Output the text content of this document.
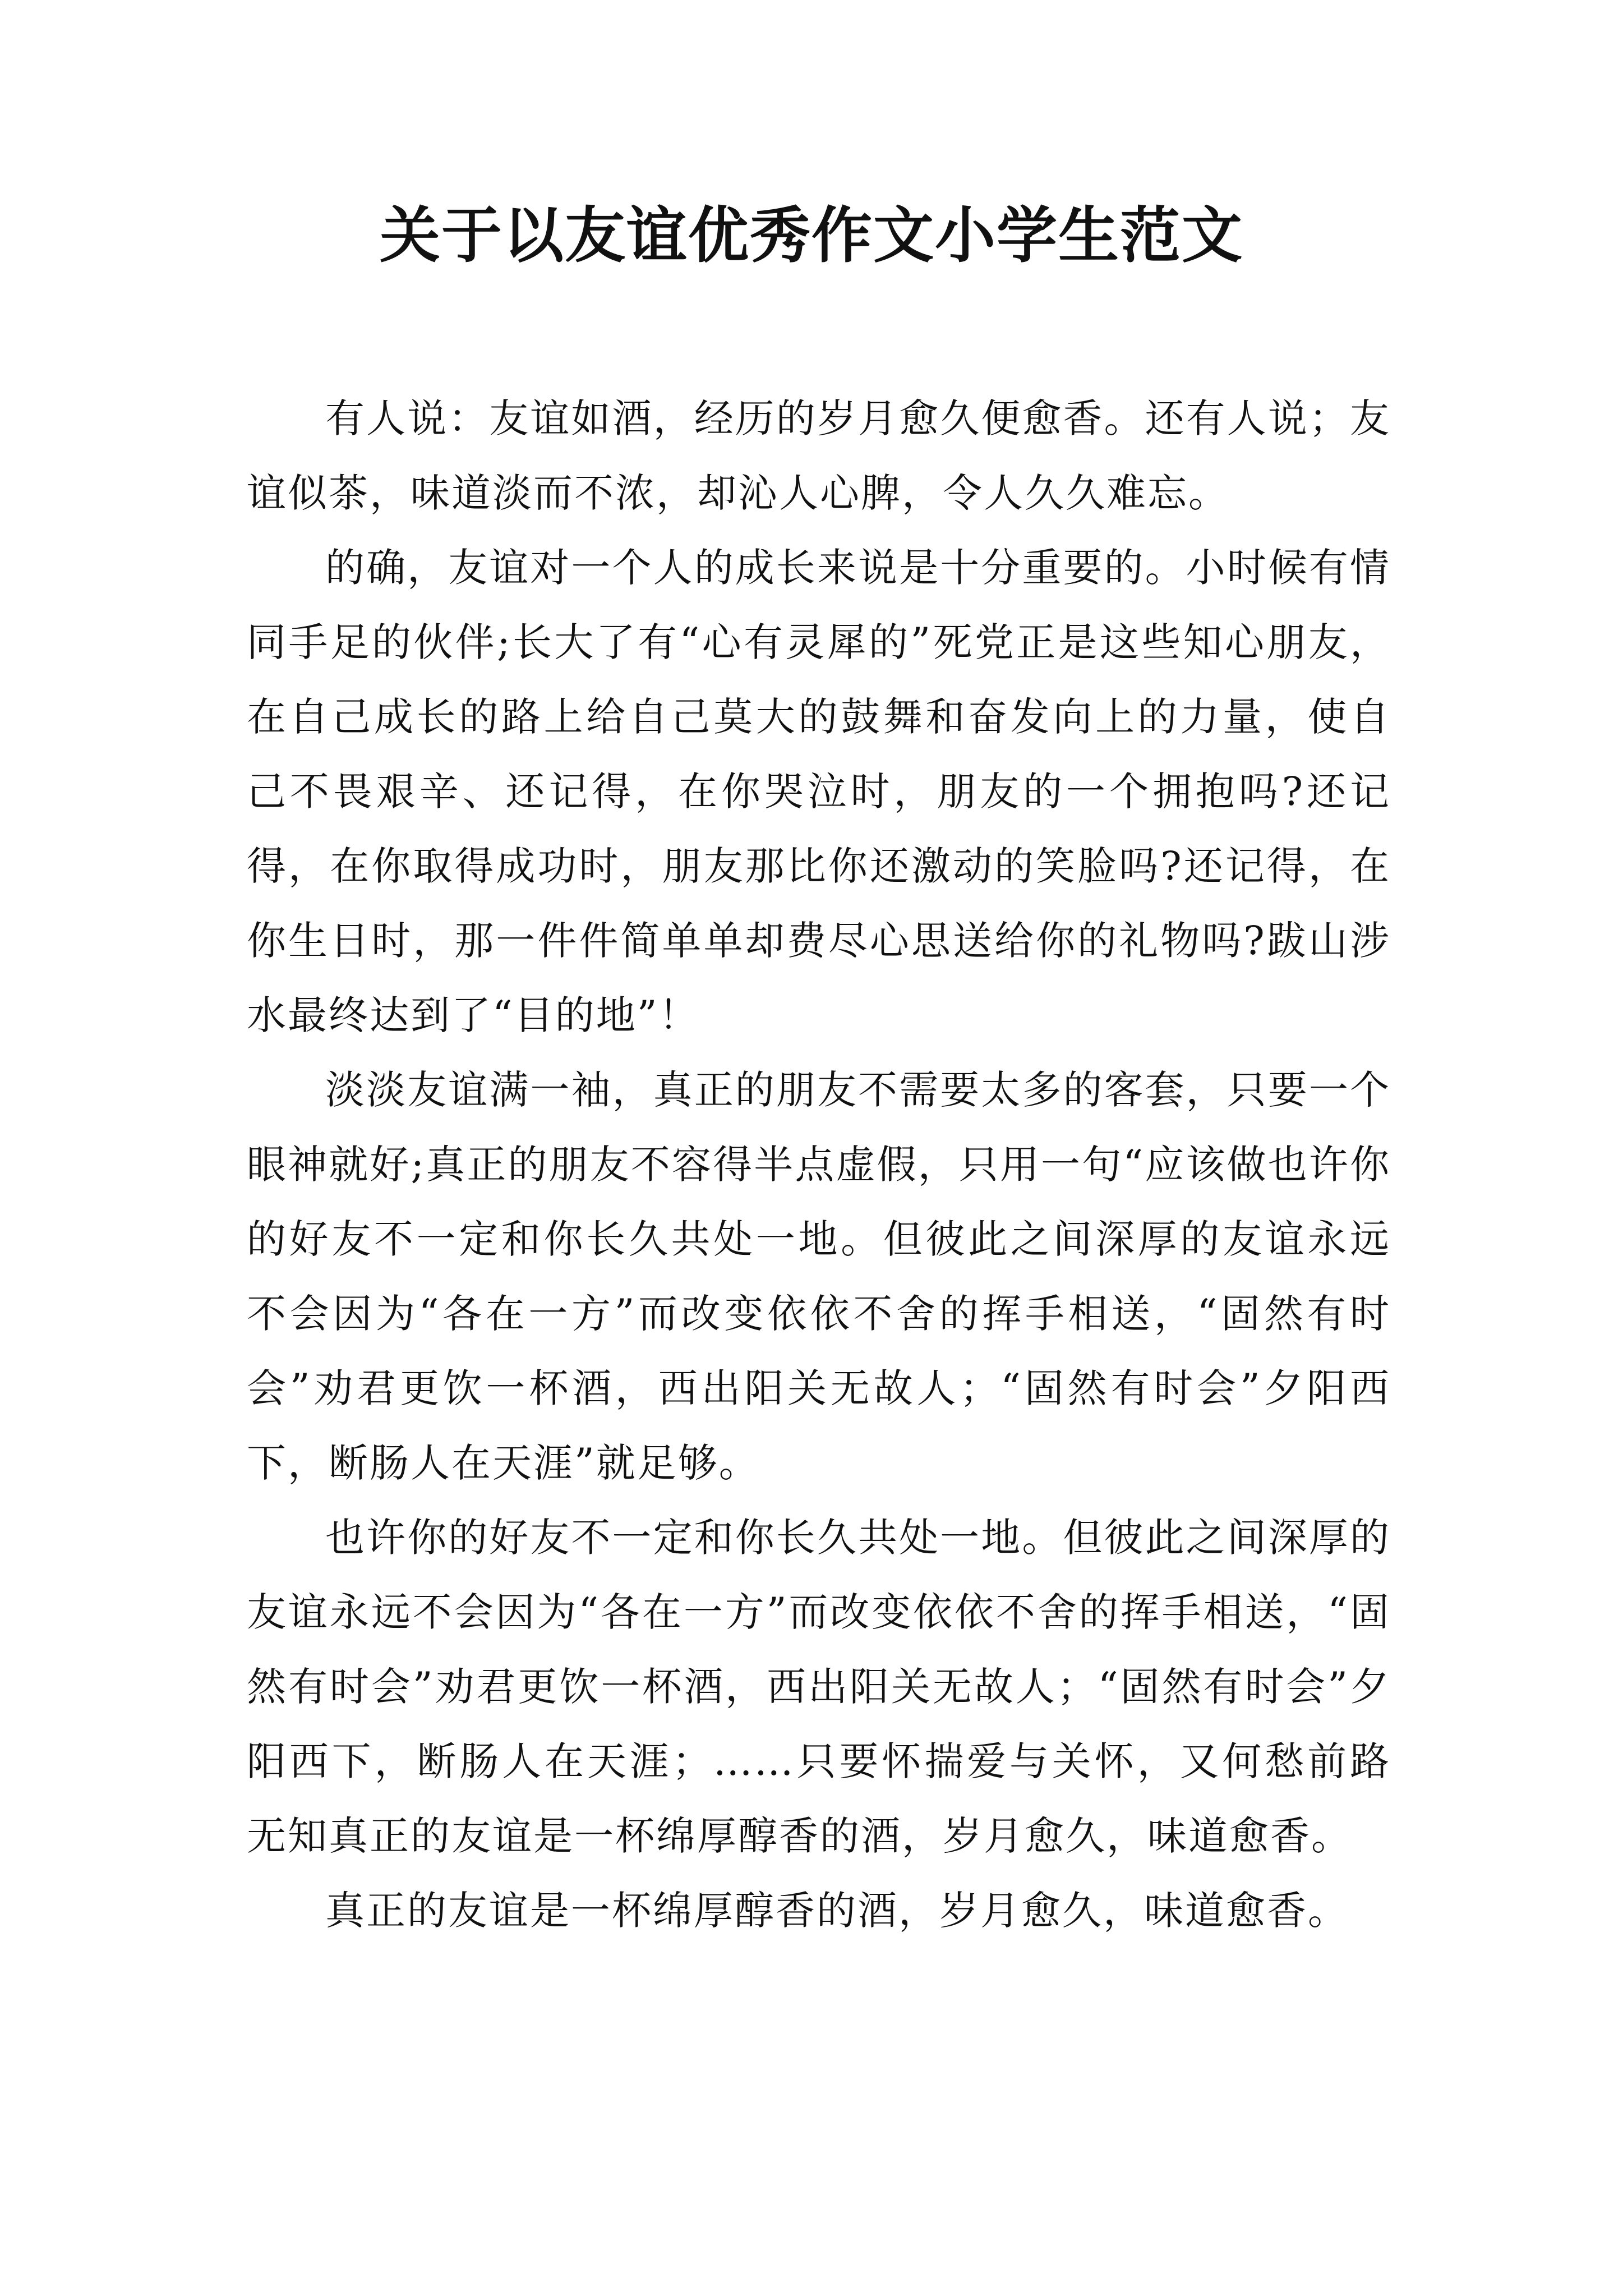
关于以友谊优秀作文小学生范文

有人说：友谊如酒，经历的岁月愈久便愈香。还有人说；友谊似茶，味道淡而不浓，却沁人心脾，令人久久难忘。

的确，友谊对一个人的成长来说是十分重要的。小时候有情同手足的伙伴;长大了有“心有灵犀的”死党正是这些知心朋友，在自己成长的路上给自己莫大的鼓舞和奋发向上的力量，使自己不畏艰辛、还记得，在你哭泣时，朋友的一个拥抱吗?还记得，在你取得成功时，朋友那比你还激动的笑脸吗?还记得，在你生日时，那一件件简单单却费尽心思送给你的礼物吗?跋山涉水最终达到了“目的地”！

淡淡友谊满一袖，真正的朋友不需要太多的客套，只要一个眼神就好;真正的朋友不容得半点虚假，只用一句“应该做也许你的好友不一定和你长久共处一地。但彼此之间深厚的友谊永远不会因为“各在一方”而改变依依不舍的挥手相送，“固然有时会”劝君更饮一杯酒，西出阳关无故人；“固然有时会”夕阳西下，断肠人在天涯”就足够。

也许你的好友不一定和你长久共处一地。但彼此之间深厚的友谊永远不会因为“各在一方”而改变依依不舍的挥手相送，“固然有时会”劝君更饮一杯酒，西出阳关无故人；“固然有时会”夕阳西下，断肠人在天涯；……只要怀揣爱与关怀，又何愁前路无知真正的友谊是一杯绵厚醇香的酒，岁月愈久，味道愈香。

真正的友谊是一杯绵厚醇香的酒，岁月愈久，味道愈香。
